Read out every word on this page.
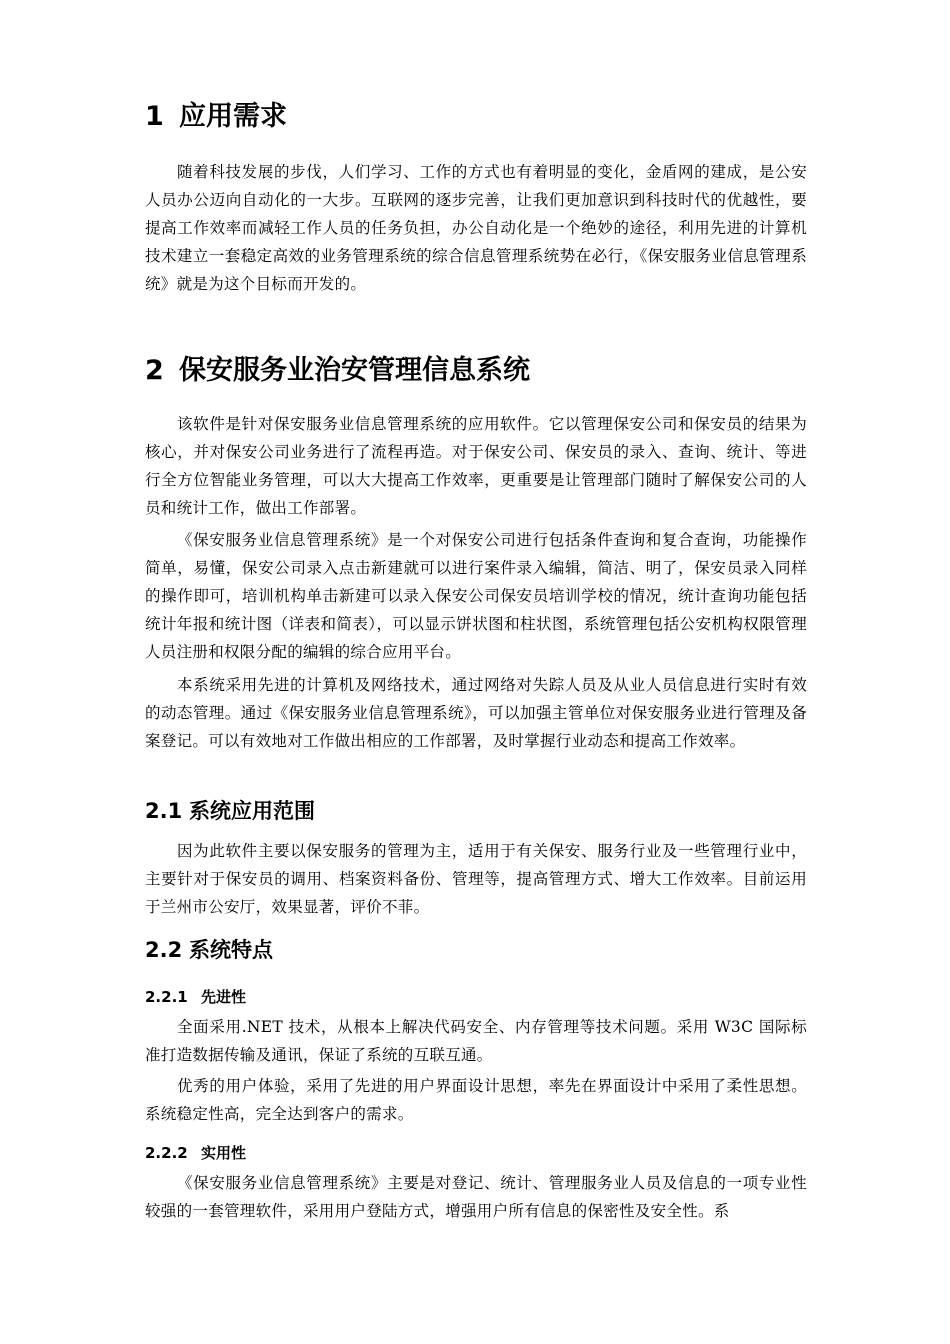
1 应用需求

随着科技发展的步伐，人们学习、工作的方式也有着明显的变化，金盾网的建成，是公安人员办公迈向自动化的一大步。互联网的逐步完善，让我们更加意识到科技时代的优越性，要提高工作效率而减轻工作人员的任务负担，办公自动化是一个绝妙的途径，利用先进的计算机技术建立一套稳定高效的业务管理系统的综合信息管理系统势在必行，《保安服务业信息管理系统》就是为这个目标而开发的。

2 保安服务业治安管理信息系统

该软件是针对保安服务业信息管理系统的应用软件。它以管理保安公司和保安员的结果为核心，并对保安公司业务进行了流程再造。对于保安公司、保安员的录入、查询、统计、等进行全方位智能业务管理，可以大大提高工作效率，更重要是让管理部门随时了解保安公司的人员和统计工作，做出工作部署。

《保安服务业信息管理系统》是一个对保安公司进行包括条件查询和复合查询，功能操作简单，易懂，保安公司录入点击新建就可以进行案件录入编辑，简洁、明了，保安员录入同样的操作即可，培训机构单击新建可以录入保安公司保安员培训学校的情况，统计查询功能包括统计年报和统计图（详表和简表），可以显示饼状图和柱状图，系统管理包括公安机构权限管理人员注册和权限分配的编辑的综合应用平台。

本系统采用先进的计算机及网络技术，通过网络对失踪人员及从业人员信息进行实时有效的动态管理。通过《保安服务业信息管理系统》，可以加强主管单位对保安服务业进行管理及备案登记。可以有效地对工作做出相应的工作部署，及时掌握行业动态和提高工作效率。

2.1 系统应用范围

因为此软件主要以保安服务的管理为主，适用于有关保安、服务行业及一些管理行业中，主要针对于保安员的调用、档案资料备份、管理等，提高管理方式、增大工作效率。目前运用于兰州市公安厅，效果显著，评价不菲。

2.2 系统特点
2.2.1 先进性

全面采用.NET 技术，从根本上解决代码安全、内存管理等技术问题。采用 W3C 国际标准打造数据传输及通讯，保证了系统的互联互通。

优秀的用户体验，采用了先进的用户界面设计思想，率先在界面设计中采用了柔性思想。系统稳定性高，完全达到客户的需求。

2.2.2 实用性

《保安服务业信息管理系统》主要是对登记、统计、管理服务业人员及信息的一项专业性较强的一套管理软件，采用用户登陆方式，增强用户所有信息的保密性及安全性。系
